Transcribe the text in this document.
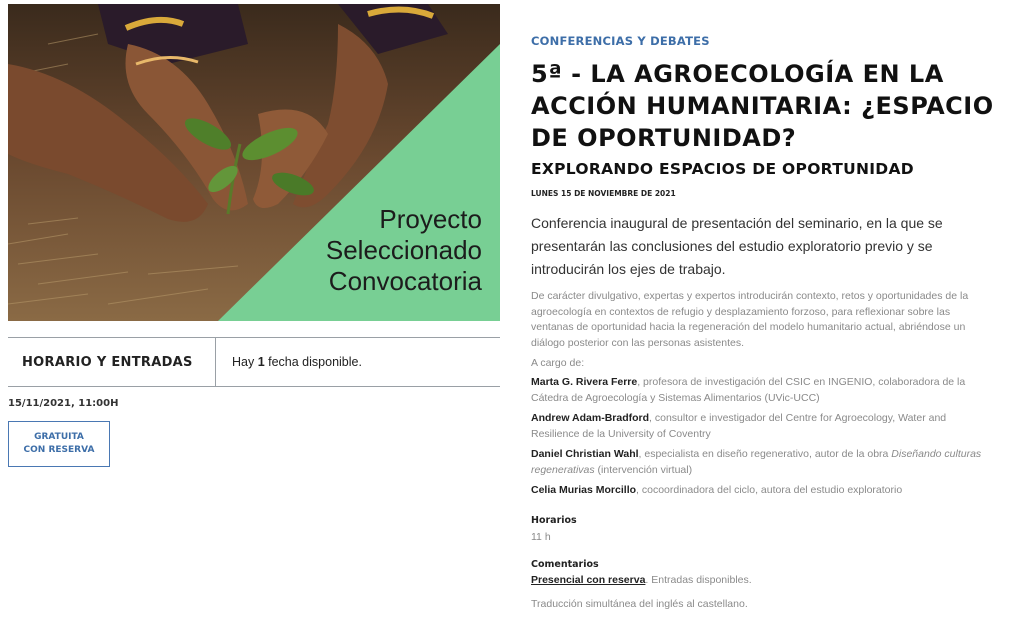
Proyecto
Seleccionado
Convocatoria
HORARIO Y ENTRADAS	Hay 1 fecha disponible.
15/11/2021, 11:00H
GRATUITA
CON RESERVA
CONFERENCIAS Y DEBATES
5ª - LA AGROECOLOGÍA EN LA ACCIÓN HUMANITARIA: ¿ESPACIO DE OPORTUNIDAD?
EXPLORANDO ESPACIOS DE OPORTUNIDAD
LUNES 15 DE NOVIEMBRE DE 2021
Conferencia inaugural de presentación del seminario, en la que se presentarán las conclusiones del estudio exploratorio previo y se introducirán los ejes de trabajo.
De carácter divulgativo, expertas y expertos introducirán contexto, retos y oportunidades de la agroecología en contextos de refugio y desplazamiento forzoso, para reflexionar sobre las ventanas de oportunidad hacia la regeneración del modelo humanitario actual, abriéndose un diálogo posterior con las personas asistentes.
A cargo de:
Marta G. Rivera Ferre, profesora de investigación del CSIC en INGENIO, colaboradora de la Cátedra de Agroecología y Sistemas Alimentarios (UVic-UCC)
Andrew Adam-Bradford, consultor e investigador del Centre for Agroecology, Water and Resilience de la University of Coventry
Daniel Christian Wahl, especialista en diseño regenerativo, autor de la obra Diseñando culturas regenerativas (intervención virtual)
Celia Murias Morcillo, cocoordinadora del ciclo, autora del estudio exploratorio
Horarios
11 h
Comentarios
Presencial con reserva. Entradas disponibles.
Traducción simultánea del inglés al castellano.
